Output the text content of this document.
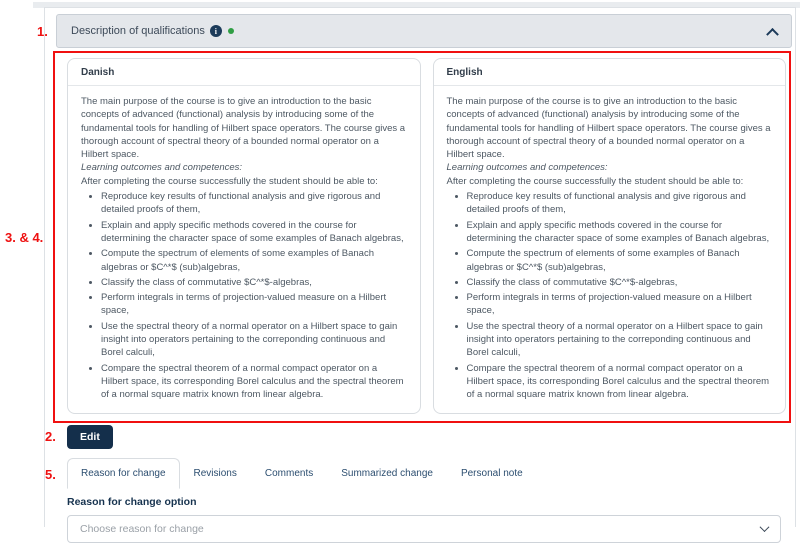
1. Description of qualifications	i
3. & 4.
Danish
The main purpose of the course is to give an introduction to the basic concepts of advanced (functional) analysis by introducing some of the fundamental tools for handling of Hilbert space operators. The course gives a thorough account of spectral theory of a bounded normal operator on a Hilbert space.
Learning outcomes and competences:
After completing the course successfully the student should be able to:
• Reproduce key results of functional analysis and give rigorous and detailed proofs of them,
• Explain and apply specific methods covered in the course for determining the character space of some examples of Banach algebras,
• Compute the spectrum of elements of some examples of Banach algebras or $C^*$ (sub)algebras,
• Classify the class of commutative $C^*$-algebras,
• Perform integrals in terms of projection-valued measure on a Hilbert space,
• Use the spectral theory of a normal operator on a Hilbert space to gain insight into operators pertaining to the correponding continuous and Borel calculi,
• Compare the spectral theorem of a normal compact operator on a Hilbert space, its corresponding Borel calculus and the spectral theorem of a normal square matrix known from linear algebra.
English
The main purpose of the course is to give an introduction to the basic concepts of advanced (functional) analysis by introducing some of the fundamental tools for handling of Hilbert space operators. The course gives a thorough account of spectral theory of a bounded normal operator on a Hilbert space.
Learning outcomes and competences:
After completing the course successfully the student should be able to:
• Reproduce key results of functional analysis and give rigorous and detailed proofs of them,
• Explain and apply specific methods covered in the course for determining the character space of some examples of Banach algebras,
• Compute the spectrum of elements of some examples of Banach algebras or $C^*$ (sub)algebras,
• Classify the class of commutative $C^*$-algebras,
• Perform integrals in terms of projection-valued measure on a Hilbert space,
• Use the spectral theory of a normal operator on a Hilbert space to gain insight into operators pertaining to the correponding continuous and Borel calculi,
• Compare the spectral theorem of a normal compact operator on a Hilbert space, its corresponding Borel calculus and the spectral theorem of a normal square matrix known from linear algebra.
2. Edit
5.	Reason for change	Revisions	Comments	Summarized change	Personal note
Reason for change option
Choose reason for change
